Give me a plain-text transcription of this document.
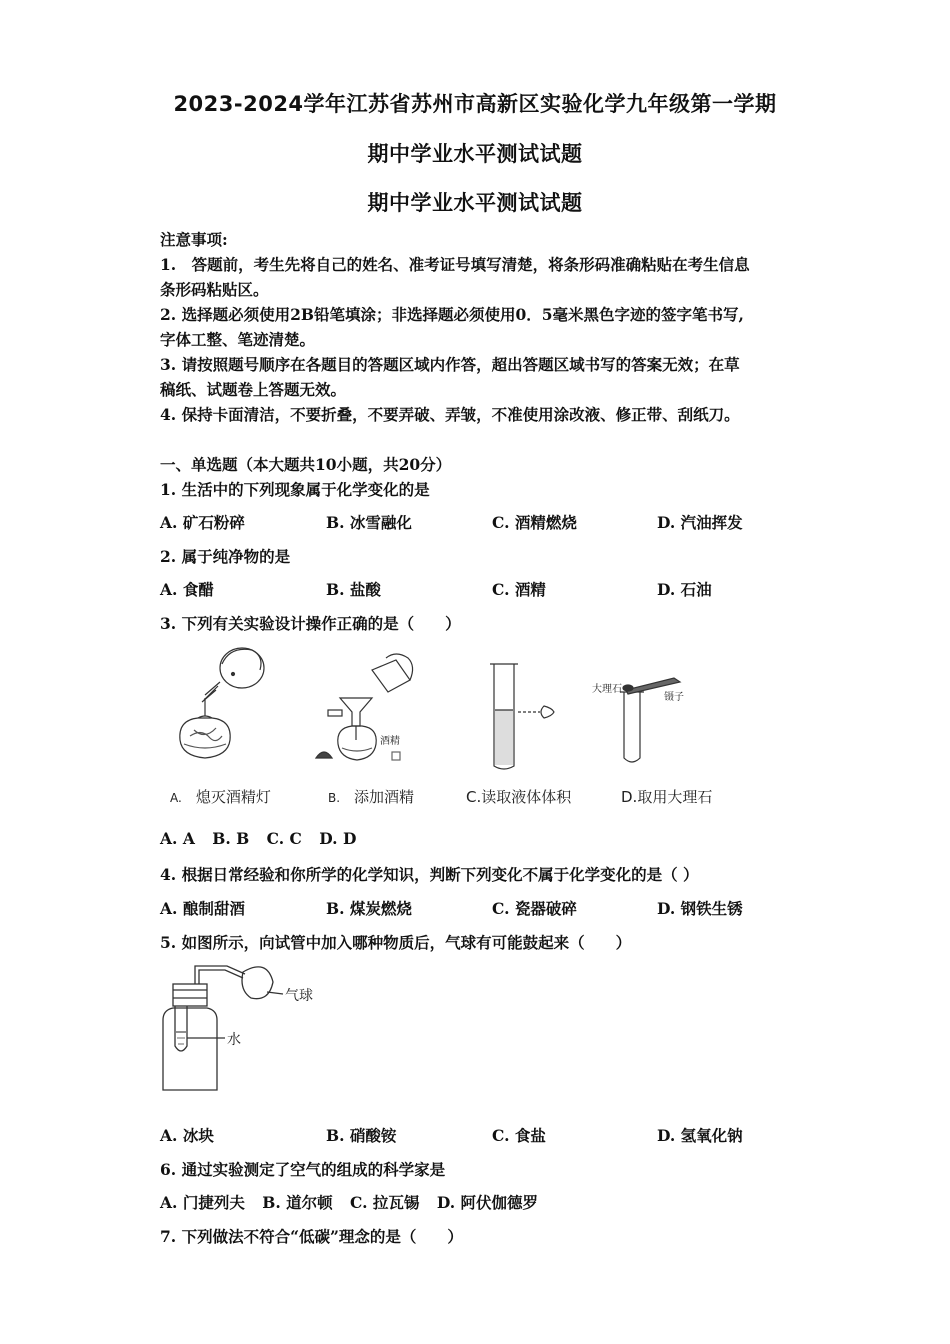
2023-2024学年江苏省苏州市高新区实验化学九年级第一学期
期中学业水平测试试题
期中学业水平测试试题
注意事项:
1.　答题前，考生先将自己的姓名、准考证号填写清楚，将条形码准确粘贴在考生信息
条形码粘贴区。
2. 选择题必须使用2B铅笔填涂；非选择题必须使用0．5毫米黑色字迹的签字笔书写,
字体工整、笔迹清楚。
3. 请按照题号顺序在各题目的答题区域内作答，超出答题区域书写的答案无效；在草
稿纸、试题卷上答题无效。
4. 保持卡面清洁，不要折叠，不要弄破、弄皱，不准使用涂改液、修正带、刮纸刀。
一、单选题（本大题共10小题，共20分）
1. 生活中的下列现象属于化学变化的是
A. 矿石粉碎	B. 冰雪融化	C. 酒精燃烧	D. 汽油挥发
2. 属于纯净物的是
A. 食醋	B. 盐酸	C. 酒精	D. 石油
3. 下列有关实验设计操作正确的是（　　）
酒精
大理石
镊子
A. 熄灭酒精灯	B. 添加酒精	C.读取液体体积	D.取用大理石
A. A B. B C. C D. D
4. 根据日常经验和你所学的化学知识，判断下列变化不属于化学变化的是（ ）
A. 酿制甜酒	B. 煤炭燃烧	C. 瓷器破碎	D. 钢铁生锈
5. 如图所示，向试管中加入哪种物质后，气球有可能鼓起来（　　）
气球
水
A. 冰块	B. 硝酸铵	C. 食盐	D. 氢氧化钠
6. 通过实验测定了空气的组成的科学家是
A. 门捷列夫 B. 道尔顿 C. 拉瓦锡 D. 阿伏伽德罗
7. 下列做法不符合“低碳”理念的是（　　）
